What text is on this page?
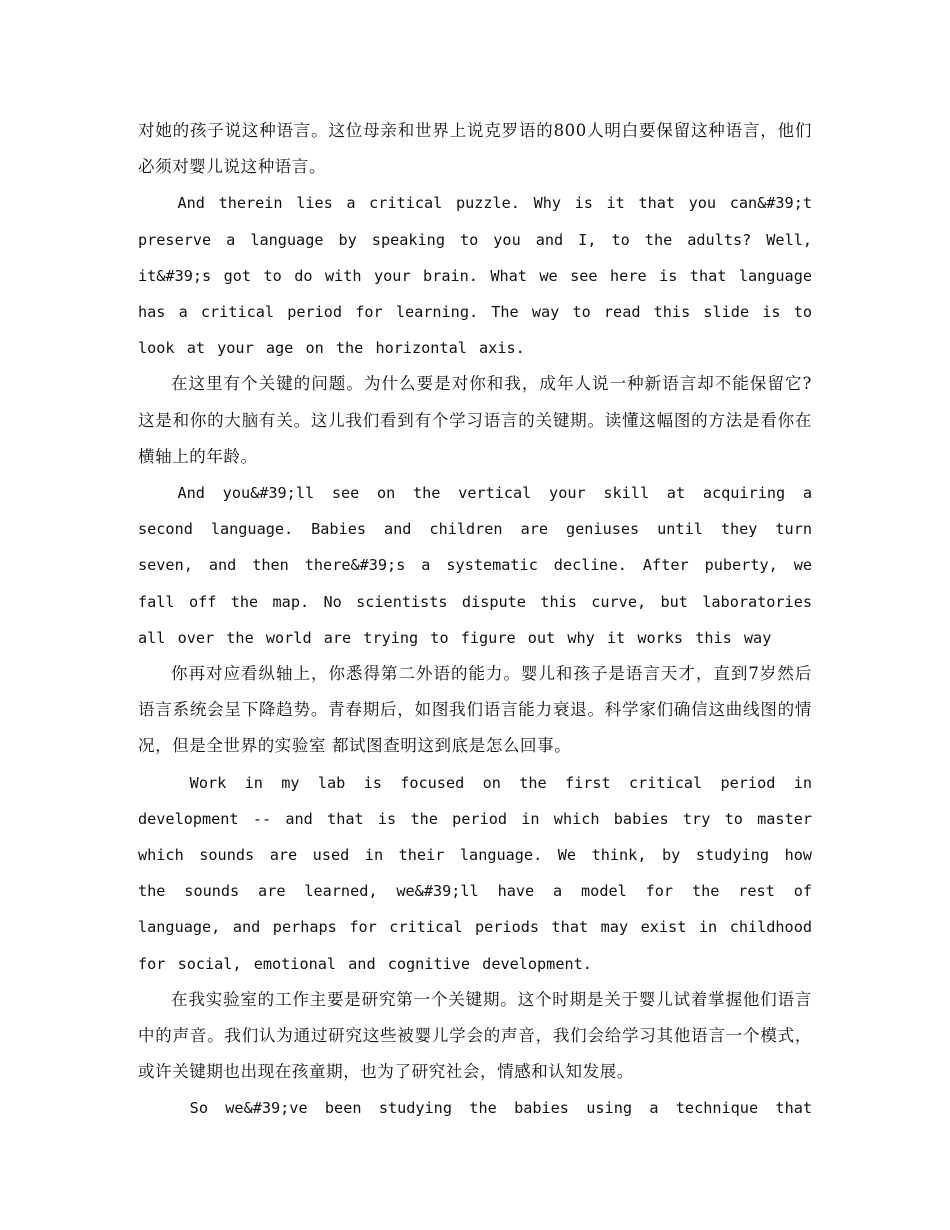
对她的孩子说这种语言。这位母亲和世界上说克罗语的800人明白要保留这种语言，他们必须对婴儿说这种语言。

And therein lies a critical puzzle. Why is it that you can&#39;t preserve a language by speaking to you and I, to the adults? Well, it&#39;s got to do with your brain. What we see here is that language has a critical period for learning. The way to read this slide is to look at your age on the horizontal axis.

在这里有个关键的问题。为什么要是对你和我，成年人说一种新语言却不能保留它?这是和你的大脑有关。这儿我们看到有个学习语言的关键期。读懂这幅图的方法是看你在横轴上的年龄。

And you&#39;ll see on the vertical your skill at acquiring a second language. Babies and children are geniuses until they turn seven, and then there&#39;s a systematic decline. After puberty, we fall off the map. No scientists dispute this curve, but laboratories all over the world are trying to figure out why it works this way

你再对应看纵轴上，你悉得第二外语的能力。婴儿和孩子是语言天才，直到7岁然后语言系统会呈下降趋势。青春期后，如图我们语言能力衰退。科学家们确信这曲线图的情况，但是全世界的实验室 都试图查明这到底是怎么回事。

Work in my lab is focused on the first critical period in development -- and that is the period in which babies try to master which sounds are used in their language. We think, by studying how the sounds are learned, we&#39;ll have a model for the rest of language, and perhaps for critical periods that may exist in childhood for social, emotional and cognitive development.

在我实验室的工作主要是研究第一个关键期。这个时期是关于婴儿试着掌握他们语言中的声音。我们认为通过研究这些被婴儿学会的声音，我们会给学习其他语言一个模式， 或许关键期也出现在孩童期，也为了研究社会，情感和认知发展。

So we&#39;ve been studying the babies using a technique that
